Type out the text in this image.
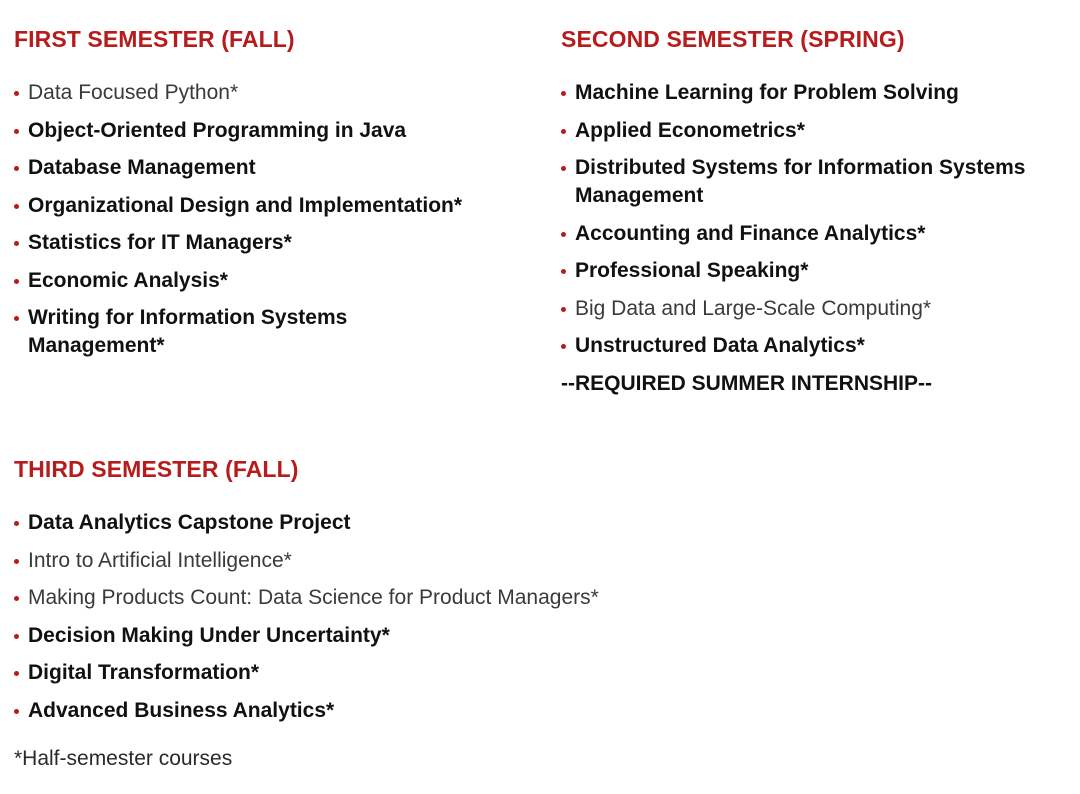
FIRST SEMESTER (FALL)
Data Focused Python*
Object-Oriented Programming in Java
Database Management
Organizational Design and Implementation*
Statistics for IT Managers*
Economic Analysis*
Writing for Information Systems Management*
SECOND SEMESTER (SPRING)
Machine Learning for Problem Solving
Applied Econometrics*
Distributed Systems for Information Systems Management
Accounting and Finance Analytics*
Professional Speaking*
Big Data and Large-Scale Computing*
Unstructured Data Analytics*
--REQUIRED SUMMER INTERNSHIP--
THIRD SEMESTER (FALL)
Data Analytics Capstone Project
Intro to Artificial Intelligence*
Making Products Count: Data Science for Product Managers*
Decision Making Under Uncertainty*
Digital Transformation*
Advanced Business Analytics*
*Half-semester courses
